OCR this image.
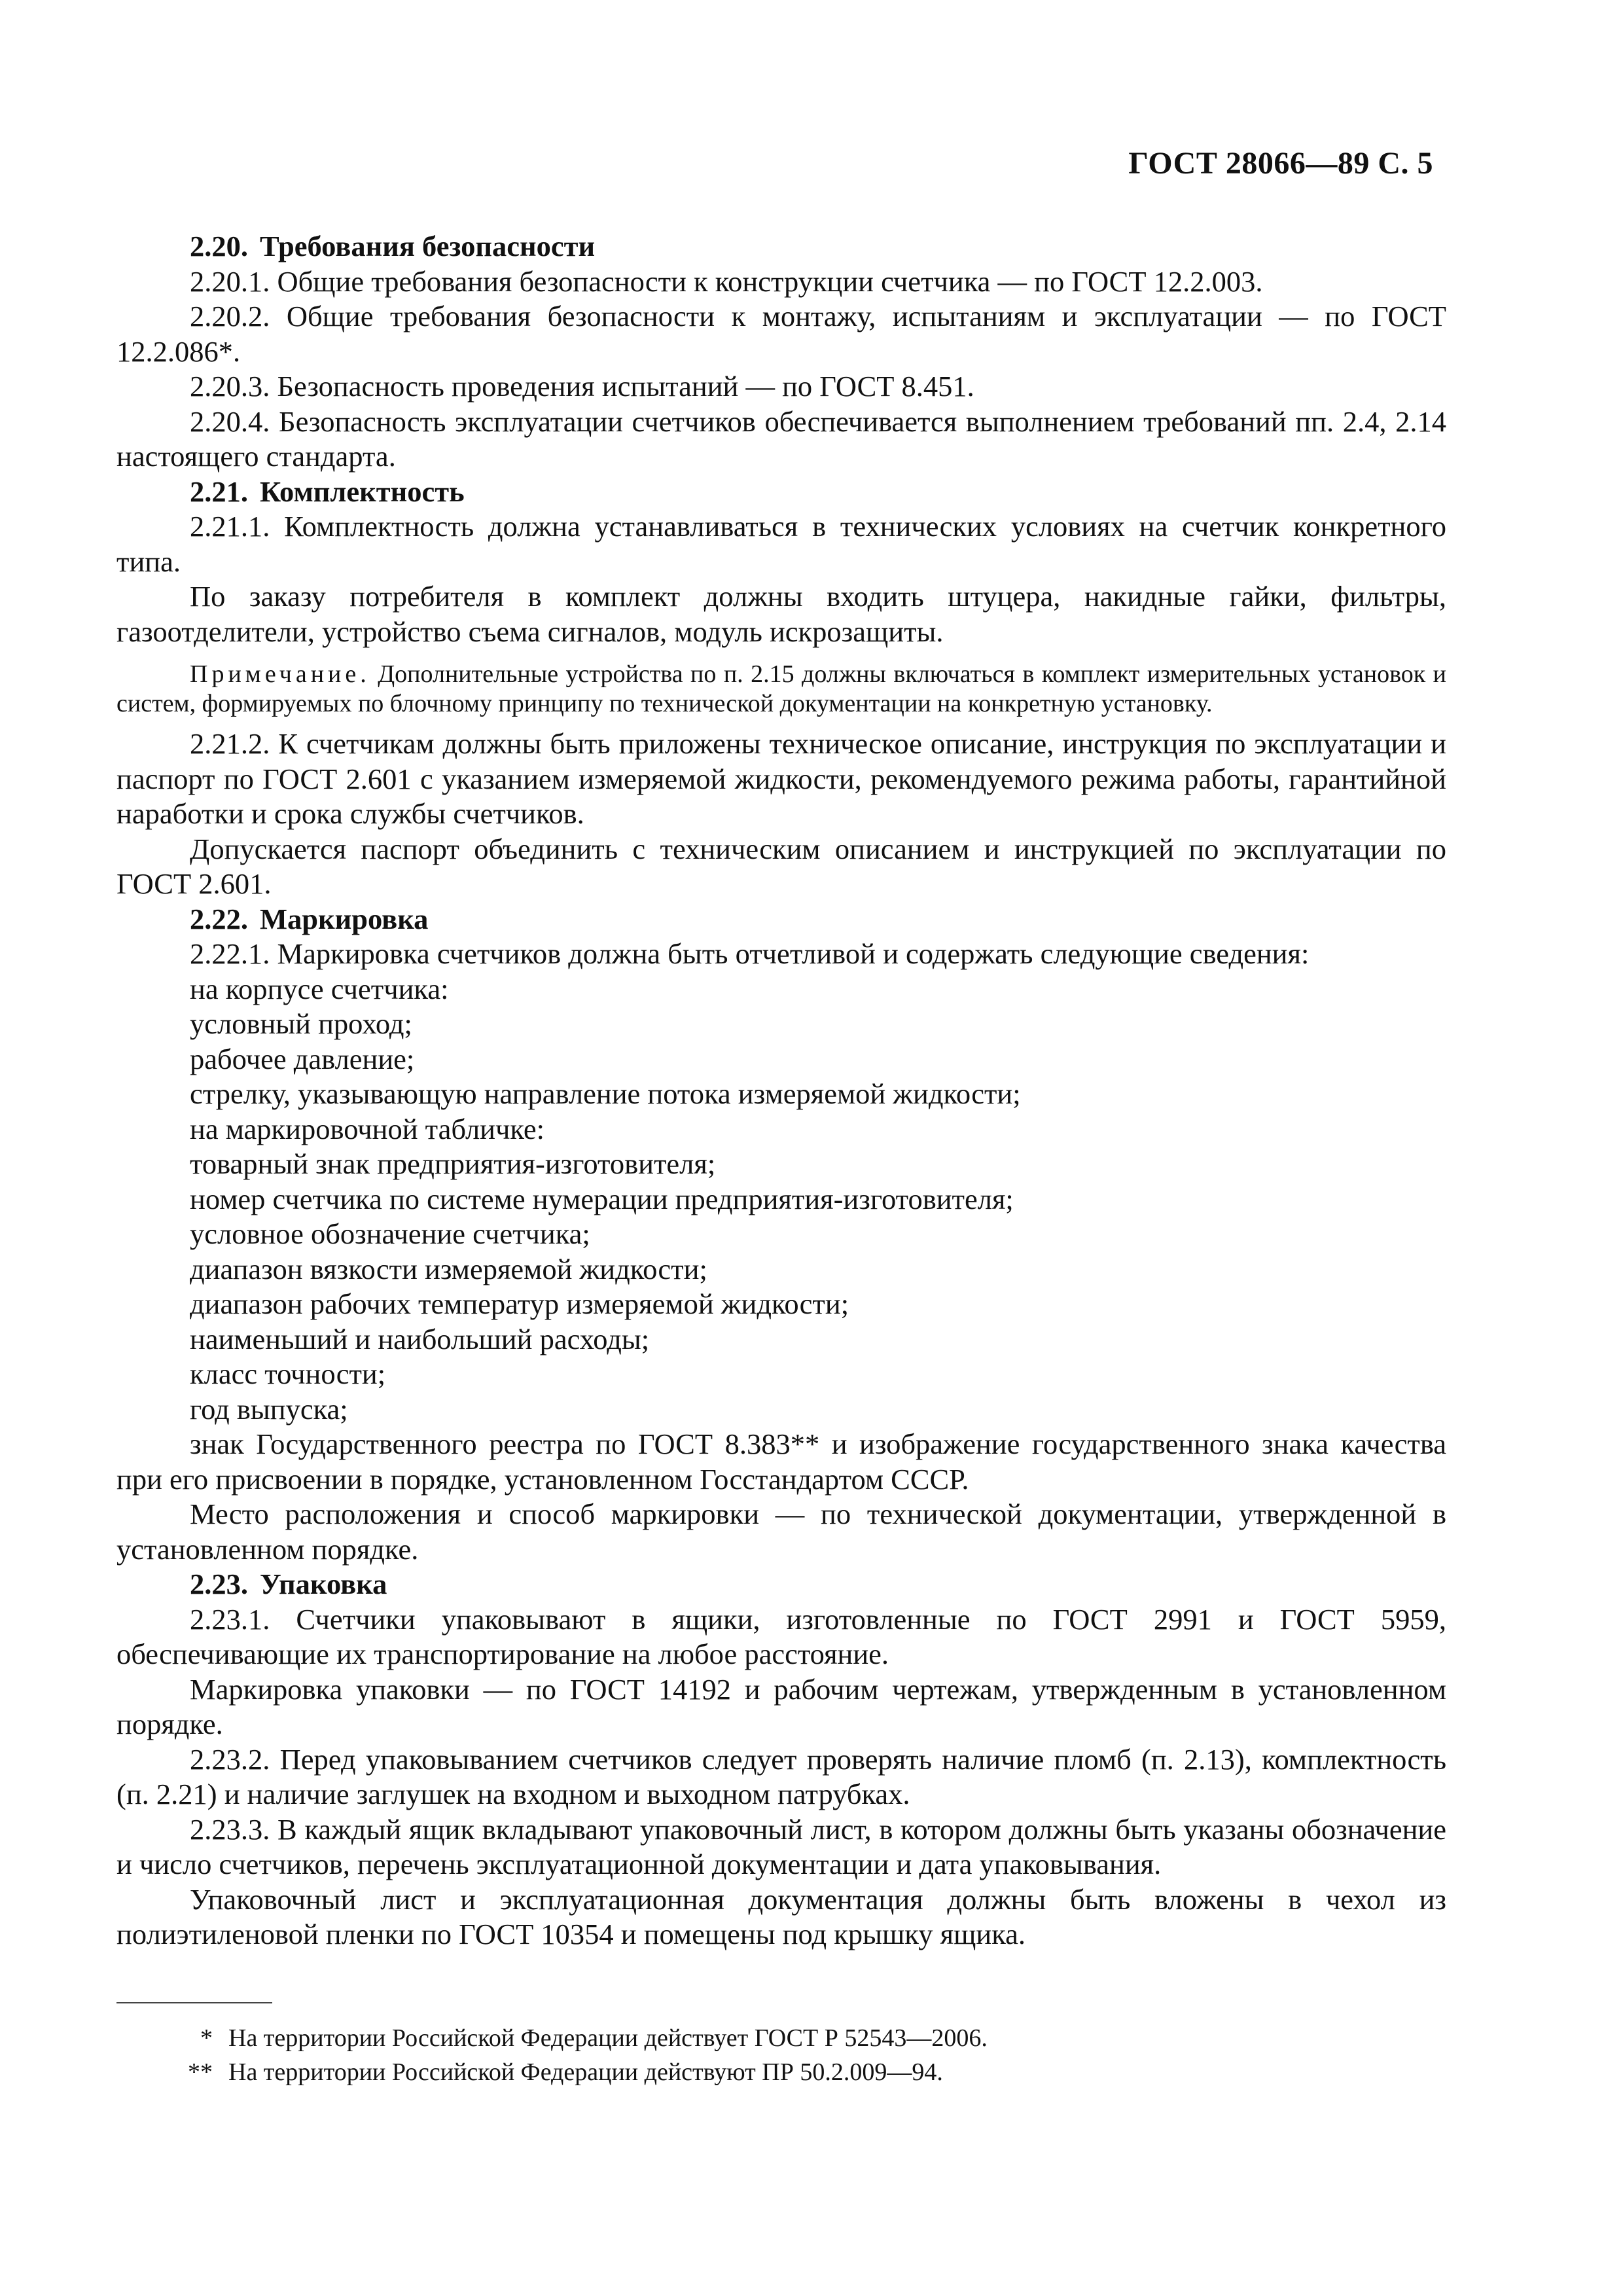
ГОСТ 28066—89 С. 5
2.20. Требования безопасности

2.20.1. Общие требования безопасности к конструкции счетчика — по ГОСТ 12.2.003.

2.20.2. Общие требования безопасности к монтажу, испытаниям и эксплуатации — по ГОСТ 12.2.086*.

2.20.3. Безопасность проведения испытаний — по ГОСТ 8.451.

2.20.4. Безопасность эксплуатации счетчиков обеспечивается выполнением требований пп. 2.4, 2.14 настоящего стандарта.

2.21. Комплектность

2.21.1. Комплектность должна устанавливаться в технических условиях на счетчик конкретного типа.

По заказу потребителя в комплект должны входить штуцера, накидные гайки, фильтры, газоотделители, устройство съема сигналов, модуль искрозащиты.

Примечание. Дополнительные устройства по п. 2.15 должны включаться в комплект измерительных установок и систем, формируемых по блочному принципу по технической документации на конкретную установку.

2.21.2. К счетчикам должны быть приложены техническое описание, инструкция по эксплуатации и паспорт по ГОСТ 2.601 с указанием измеряемой жидкости, рекомендуемого режима работы, гарантийной наработки и срока службы счетчиков.

Допускается паспорт объединить с техническим описанием и инструкцией по эксплуатации по ГОСТ 2.601.

2.22. Маркировка

2.22.1. Маркировка счетчиков должна быть отчетливой и содержать следующие сведения:

на корпусе счетчика:

условный проход;

рабочее давление;

стрелку, указывающую направление потока измеряемой жидкости;

на маркировочной табличке:

товарный знак предприятия-изготовителя;

номер счетчика по системе нумерации предприятия-изготовителя;

условное обозначение счетчика;

диапазон вязкости измеряемой жидкости;

диапазон рабочих температур измеряемой жидкости;

наименьший и наибольший расходы;

класс точности;

год выпуска;

знак Государственного реестра по ГОСТ 8.383** и изображение государственного знака качества при его присвоении в порядке, установленном Госстандартом СССР.

Место расположения и способ маркировки — по технической документации, утвержденной в установленном порядке.

2.23. Упаковка

2.23.1. Счетчики упаковывают в ящики, изготовленные по ГОСТ 2991 и ГОСТ 5959, обеспечивающие их транспортирование на любое расстояние.

Маркировка упаковки — по ГОСТ 14192 и рабочим чертежам, утвержденным в установленном порядке.

2.23.2. Перед упаковыванием счетчиков следует проверять наличие пломб (п. 2.13), комплектность (п. 2.21) и наличие заглушек на входном и выходном патрубках.

2.23.3. В каждый ящик вкладывают упаковочный лист, в котором должны быть указаны обозначение и число счетчиков, перечень эксплуатационной документации и дата упаковывания.

Упаковочный лист и эксплуатационная документация должны быть вложены в чехол из полиэтиленовой пленки по ГОСТ 10354 и помещены под крышку ящика.

* На территории Российской Федерации действует ГОСТ Р 52543—2006.

** На территории Российской Федерации действуют ПР 50.2.009—94.
